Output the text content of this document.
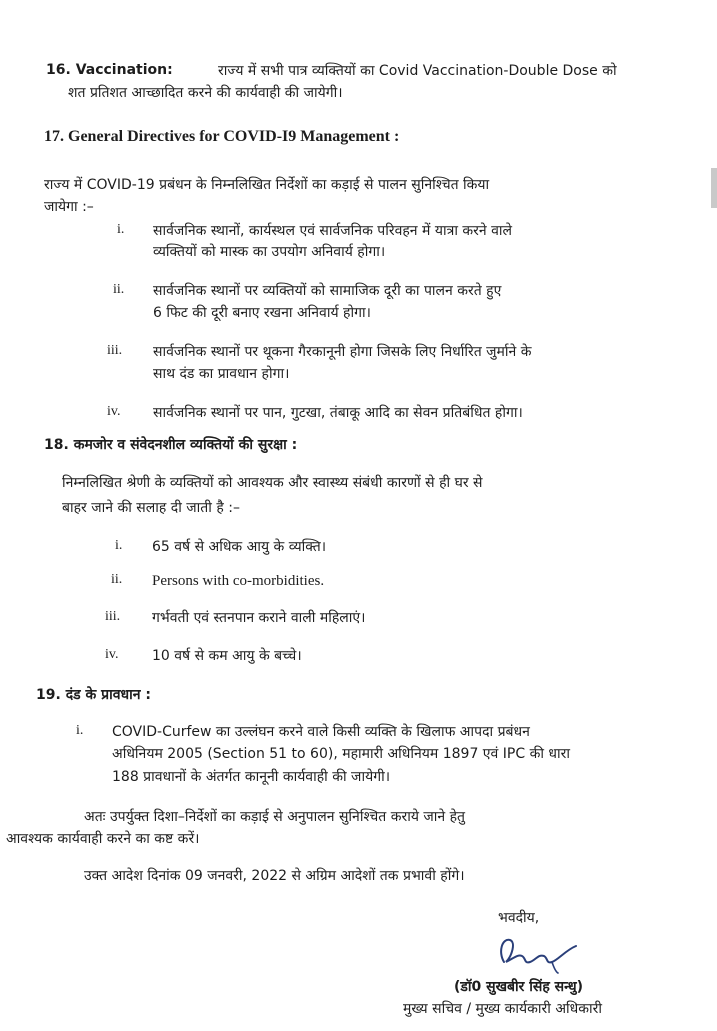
16. Vaccination:	राज्य में सभी पात्र व्यक्तियों का Covid Vaccination-Double Dose को
शत प्रतिशत आच्छादित करने की कार्यवाही की जायेगी।
17. General Directives for COVID-I9 Management :
राज्य में COVID-19 प्रबंधन के निम्नलिखित निर्देशों का कड़ाई से पालन सुनिश्चित किया
जायेगा :–
i. सार्वजनिक स्थानों, कार्यस्थल एवं सार्वजनिक परिवहन में यात्रा करने वाले
व्यक्तियों को मास्क का उपयोग अनिवार्य होगा।
ii. सार्वजनिक स्थानों पर व्यक्तियों को सामाजिक दूरी का पालन करते हुए
6 फिट की दूरी बनाए रखना अनिवार्य होगा।
iii. सार्वजनिक स्थानों पर थूकना गैरकानूनी होगा जिसके लिए निर्धारित जुर्माने के
साथ दंड का प्रावधान होगा।
iv. सार्वजनिक स्थानों पर पान, गुटखा, तंबाकू आदि का सेवन प्रतिबंधित होगा।
18. कमजोर व संवेदनशील व्यक्तियों की सुरक्षा :
निम्नलिखित श्रेणी के व्यक्तियों को आवश्यक और स्वास्थ्य संबंधी कारणों से ही घर से
बाहर जाने की सलाह दी जाती है :–
i. 65 वर्ष से अधिक आयु के व्यक्ति।
ii. Persons with co-morbidities.
iii. गर्भवती एवं स्तनपान कराने वाली महिलाएं।
iv. 10 वर्ष से कम आयु के बच्चे।
19. दंड के प्रावधान :
i. COVID-Curfew का उल्लंघन करने वाले किसी व्यक्ति के खिलाफ आपदा प्रबंधन
अधिनियम 2005 (Section 51 to 60), महामारी अधिनियम 1897 एवं IPC की धारा
188 प्रावधानों के अंतर्गत कानूनी कार्यवाही की जायेगी।
अतः उपर्युक्त दिशा–निर्देशों का कड़ाई से अनुपालन सुनिश्चित कराये जाने हेतु
आवश्यक कार्यवाही करने का कष्ट करें।
उक्त आदेश दिनांक 09 जनवरी, 2022 से अग्रिम आदेशों तक प्रभावी होंगे।
भवदीय,
(डॉ0 सुखबीर सिंह सन्धु)
मुख्य सचिव / मुख्य कार्यकारी अधिकारी
